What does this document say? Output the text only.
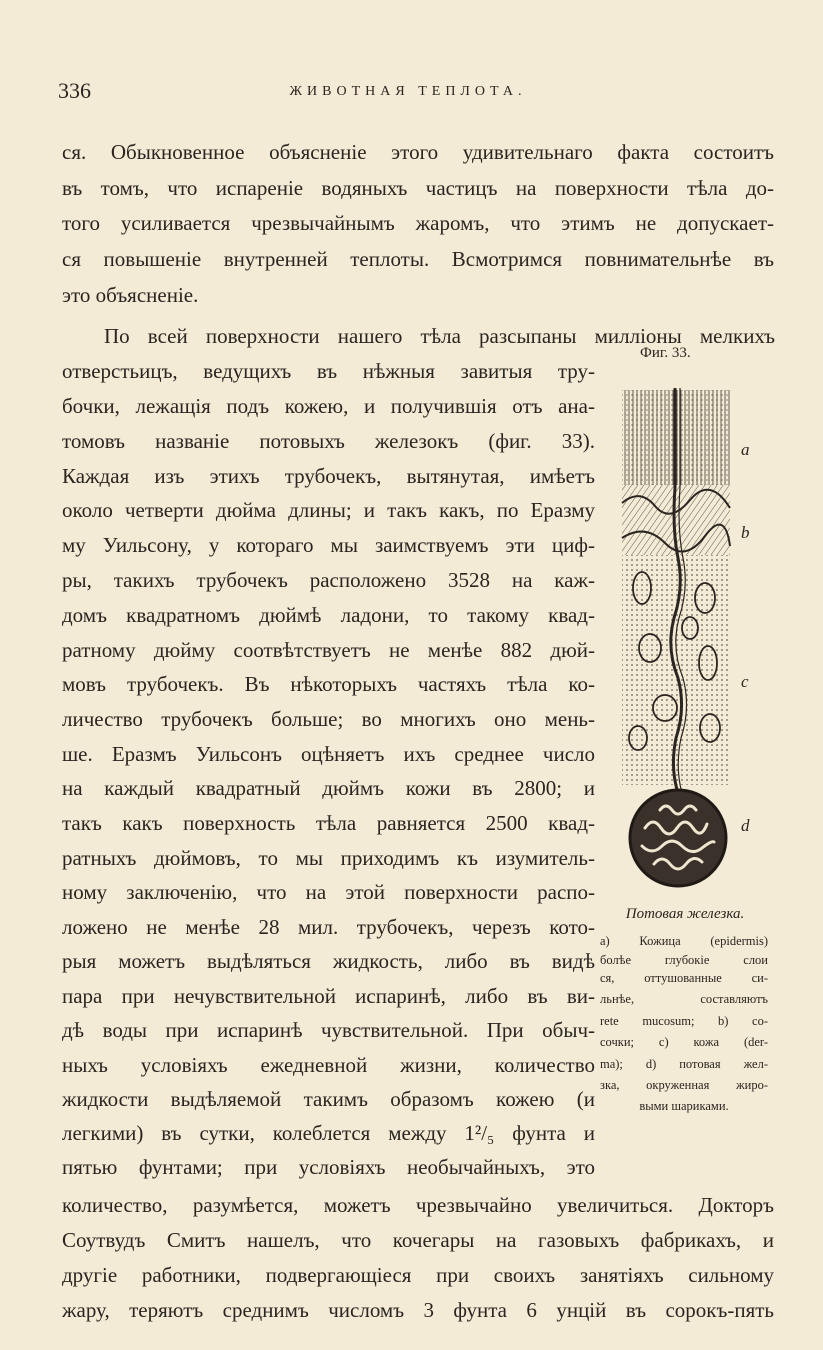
336	ЖИВОТНАЯ ТЕПЛОТА.
ся. Обыкновенное объясненіе этого удивительнаго факта состоитъ
въ томъ, что испареніе водяныхъ частицъ на поверхности тѣла до-
того усиливается чрезвычайнымъ жаромъ, что этимъ не допускает-
ся повышеніе внутренней теплоты. Всмотримся повнимательнѣе въ
это объясненіе.
По всей поверхности нашего тѣла разсыпаны милліоны мелкихъ
отверстьицъ, ведущихъ въ нѣжныя завитыя тру-
бочки, лежащія подъ кожею, и получившія отъ ана-
томовъ названіе потовыхъ железокъ (фиг. 33).
Каждая изъ этихъ трубочекъ, вытянутая, имѣетъ
около четверти дюйма длины; и такъ какъ, по Еразму
му Уильсону, у котораго мы заимствуемъ эти циф-
ры, такихъ трубочекъ расположено 3528 на каж-
домъ квадратномъ дюймѣ ладони, то такому квад-
ратному дюйму соотвѣтствуетъ не менѣе 882 дюй-
мовъ трубочекъ. Въ нѣкоторыхъ частяхъ тѣла ко-
личество трубочекъ больше; во многихъ оно мень-
ше. Еразмъ Уильсонъ оцѣняетъ ихъ среднее число
на каждый квадратный дюймъ кожи въ 2800; и
такъ какъ поверхность тѣла равняется 2500 квад-
ратныхъ дюймовъ, то мы приходимъ къ изумитель-
ному заключенію, что на этой поверхности распо-
ложено не менѣе 28 мил. трубочекъ, черезъ кото-
рыя можетъ выдѣляться жидкость, либо въ видѣ
пара при нечувствительной испаринѣ, либо въ ви-
дѣ воды при испаринѣ чувствительной. При обыч-
ныхъ условіяхъ ежедневной жизни, количество
жидкости выдѣляемой такимъ образомъ кожею (и
легкими) въ сутки, колеблется между 1²/₅ фунта и
пятью фунтами; при условіяхъ необычайныхъ, это
количество, разумѣется, можетъ чрезвычайно увеличиться. Докторъ
Соутвудъ Смитъ нашелъ, что кочегары на газовыхъ фабрикахъ, и
другіе работники, подвергающіеся при своихъ занятіяхъ сильному
жару, теряютъ среднимъ числомъ 3 фунта 6 унцій въ сорокъ-пять
Фиг. 33.
a
b
c
d
Потовая железка.
a) Кожица (epidermis)
болѣе глубокіе слои
ся, оттушованные си-
льнѣе, составляютъ
rete mucosum; b) со-
сочки; c) кожа (der-
ma); d) потовая жел-
зка, окруженная жиро-
выми шариками.
